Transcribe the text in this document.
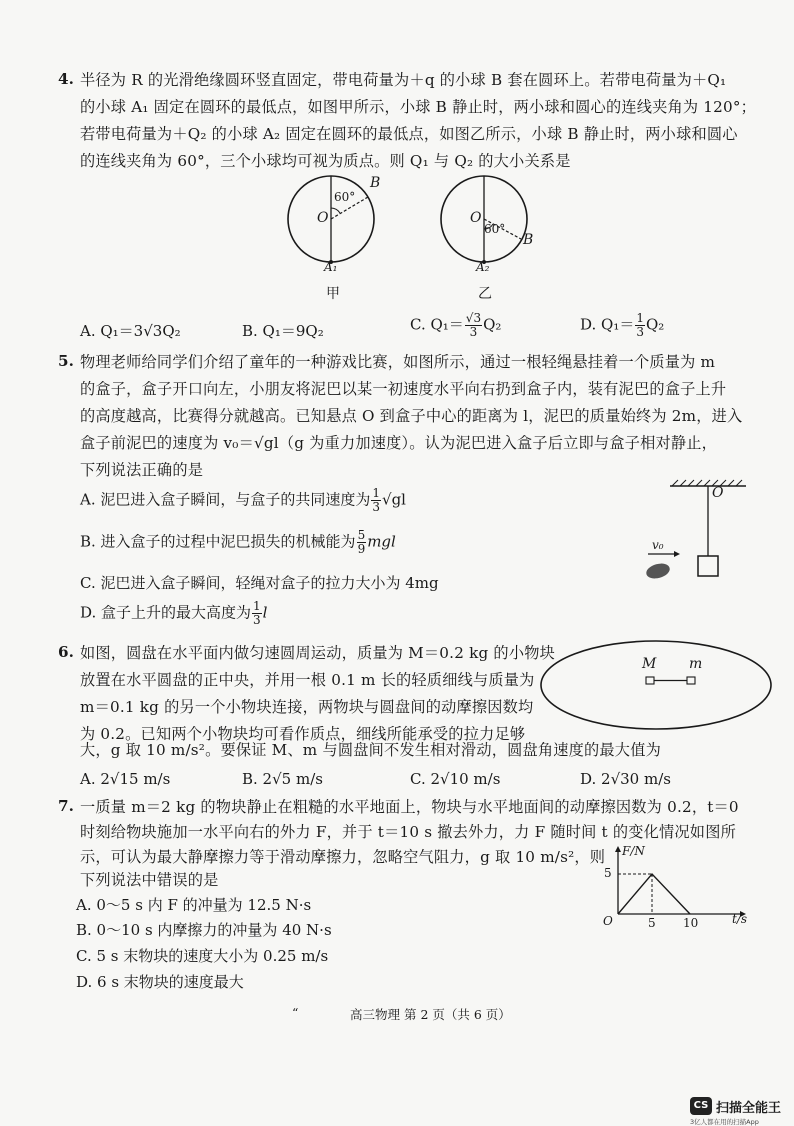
4. 半径为 R 的光滑绝缘圆环竖直固定，带电荷量为＋q 的小球 B 套在圆环上。若带电荷量为＋Q₁
的小球 A₁ 固定在圆环的最低点，如图甲所示，小球 B 静止时，两小球和圆心的连线夹角为 120°；
若带电荷量为＋Q₂ 的小球 A₂ 固定在圆环的最低点，如图乙所示，小球 B 静止时，两小球和圆心
的连线夹角为 60°，三个小球均可视为质点。则 Q₁ 与 Q₂ 的大小关系是
60°
O
B
A₁
甲
60°
O
B
A₂
乙
A. Q₁＝3√3Q₂	B. Q₁＝9Q₂	C. $Q_1= \frac{√3}{3} Q_2$	D. $Q_1= \frac{1}{3} Q_2$
5. 物理老师给同学们介绍了童年的一种游戏比赛，如图所示，通过一根轻绳悬挂着一个质量为 m
的盒子，盒子开口向左，小朋友将泥巴以某一初速度水平向右扔到盒子内，装有泥巴的盒子上升
的高度越高，比赛得分就越高。已知悬点 O 到盒子中心的距离为 l，泥巴的质量始终为 2m，进入
盒子前泥巴的速度为 v₀＝√gl（g 为重力加速度）。认为泥巴进入盒子后立即与盒子相对静止，
下列说法正确的是
A. 泥巴进入盒子瞬间，与盒子的共同速度为 $\frac{1}{3} √gl$
B. 进入盒子的过程中泥巴损失的机械能为 $\frac{5}{9}$ mgl
C. 泥巴进入盒子瞬间，轻绳对盒子的拉力大小为 4mg
D. 盒子上升的最大高度为 $\frac{1}{3}$ l
O
v₀
6. 如图，圆盘在水平面内做匀速圆周运动，质量为 M＝0.2 kg 的小物块
放置在水平圆盘的正中央，并用一根 0.1 m 长的轻质细线与质量为
m＝0.1 kg 的另一个小物块连接，两物块与圆盘间的动摩擦因数均
为 0.2。已知两个小物块均可看作质点，细线所能承受的拉力足够
大，g 取 10 m/s²。要保证 M、m 与圆盘间不发生相对滑动，圆盘角速度的最大值为
M m
A. 2√15 m/s	B. 2√5 m/s	C. 2√10 m/s	D. 2√30 m/s
7. 一质量 m＝2 kg 的物块静止在粗糙的水平地面上，物块与水平地面间的动摩擦因数为 0.2，t＝0
时刻给物块施加一水平向右的外力 F，并于 t＝10 s 撤去外力，力 F 随时间 t 的变化情况如图所
示，可认为最大静摩擦力等于滑动摩擦力，忽略空气阻力，g 取 10 m/s²，则
下列说法中错误的是
A. 0～5 s 内 F 的冲量为 12.5 N·s
B. 0～10 s 内摩擦力的冲量为 40 N·s
C. 5 s 末物块的速度大小为 0.25 m/s
D. 6 s 末物块的速度最大
F/N
t/s
O
5
5 10
“	高三物理 第 2 页（共 6 页）
CS 扫描全能王
3亿人都在用的扫描App
